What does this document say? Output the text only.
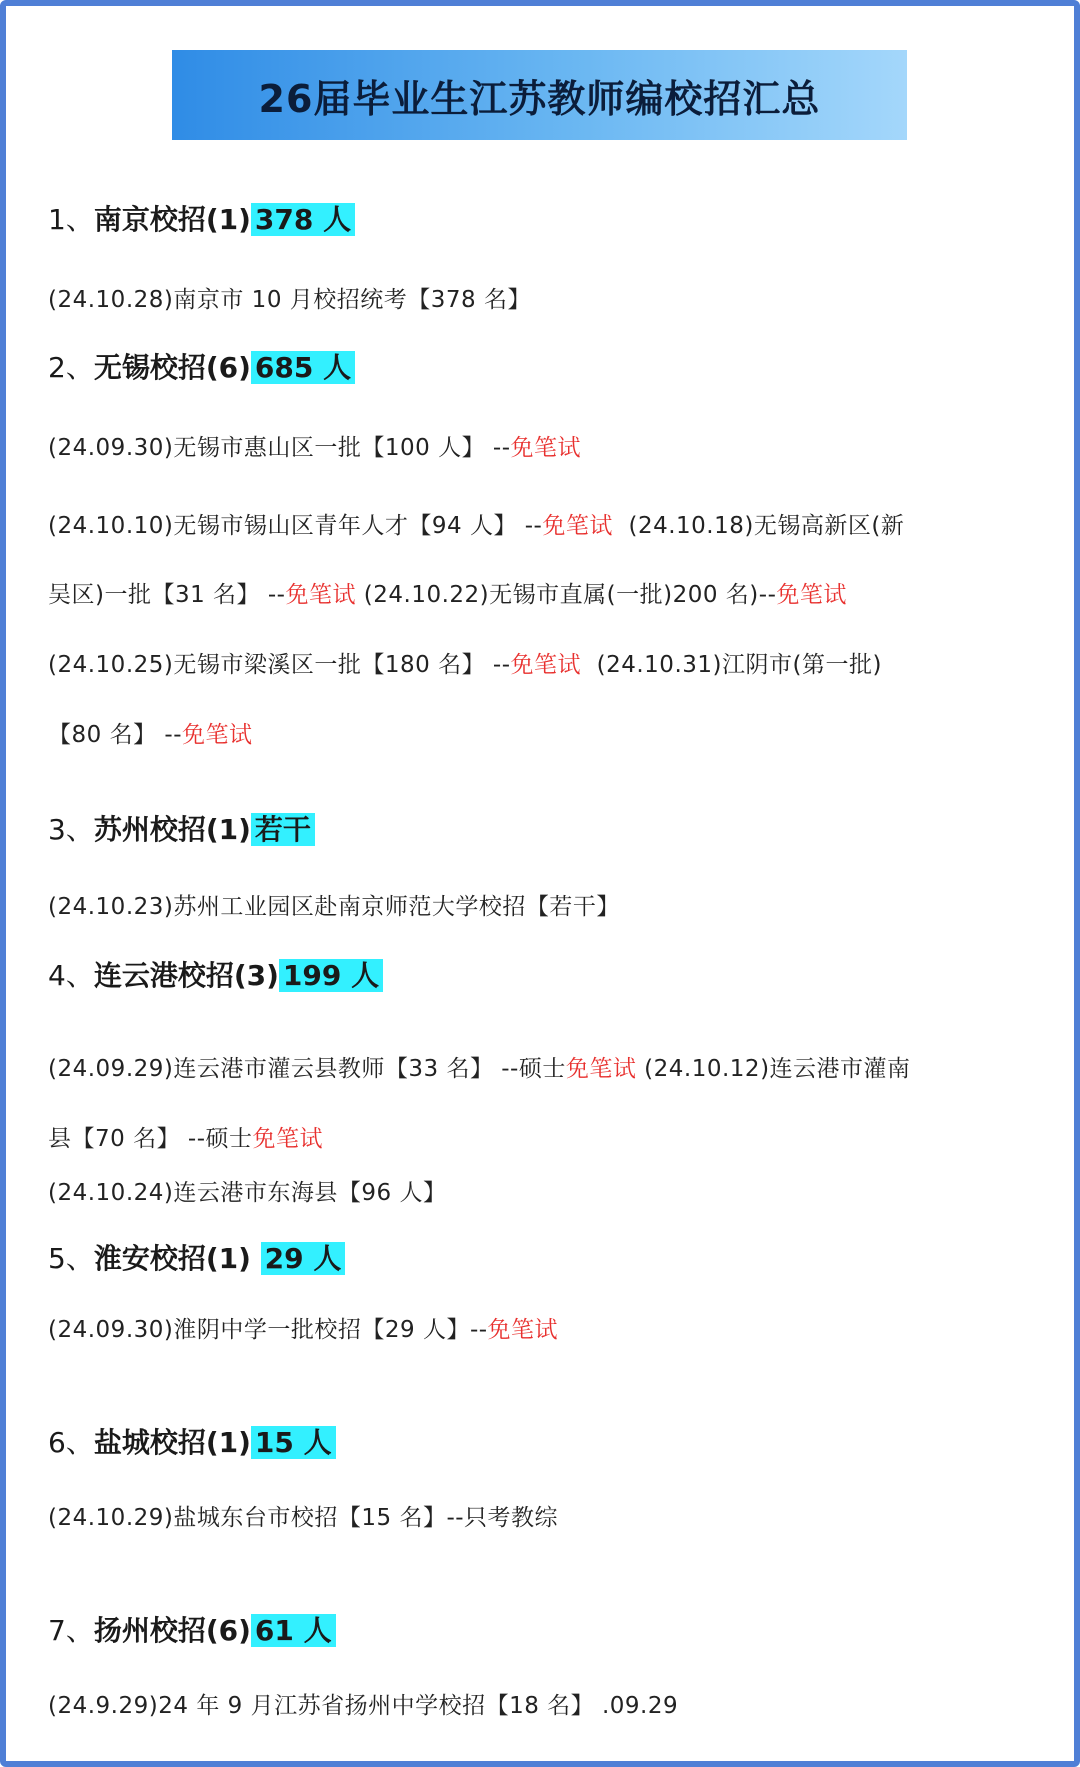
26届毕业生江苏教师编校招汇总
1、南京校招(1) 378 人
(24.10.28)南京市 10 月校招统考【378 名】
2、无锡校招(6) 685 人
(24.09.30)无锡市惠山区一批【100 人】 --免笔试
(24.10.10)无锡市锡山区青年人才【94 人】 --免笔试  (24.10.18)无锡高新区(新
吴区)一批【31 名】 --免笔试 (24.10.22)无锡市直属(一批)200 名)--免笔试
(24.10.25)无锡市梁溪区一批【180 名】 --免笔试  (24.10.31)江阴市(第一批)
【80 名】 --免笔试
3、苏州校招(1) 若干
(24.10.23)苏州工业园区赴南京师范大学校招【若干】
4、连云港校招(3) 199 人
(24.09.29)连云港市灌云县教师【33 名】 --硕士免笔试 (24.10.12)连云港市灌南
县【70 名】 --硕士免笔试
(24.10.24)连云港市东海县【96 人】
5、淮安校招(1) 29 人
(24.09.30)淮阴中学一批校招【29 人】--免笔试
6、盐城校招(1) 15 人
(24.10.29)盐城东台市校招【15 名】--只考教综
7、扬州校招(6) 61 人
(24.9.29)24 年 9 月江苏省扬州中学校招【18 名】 .09.29
